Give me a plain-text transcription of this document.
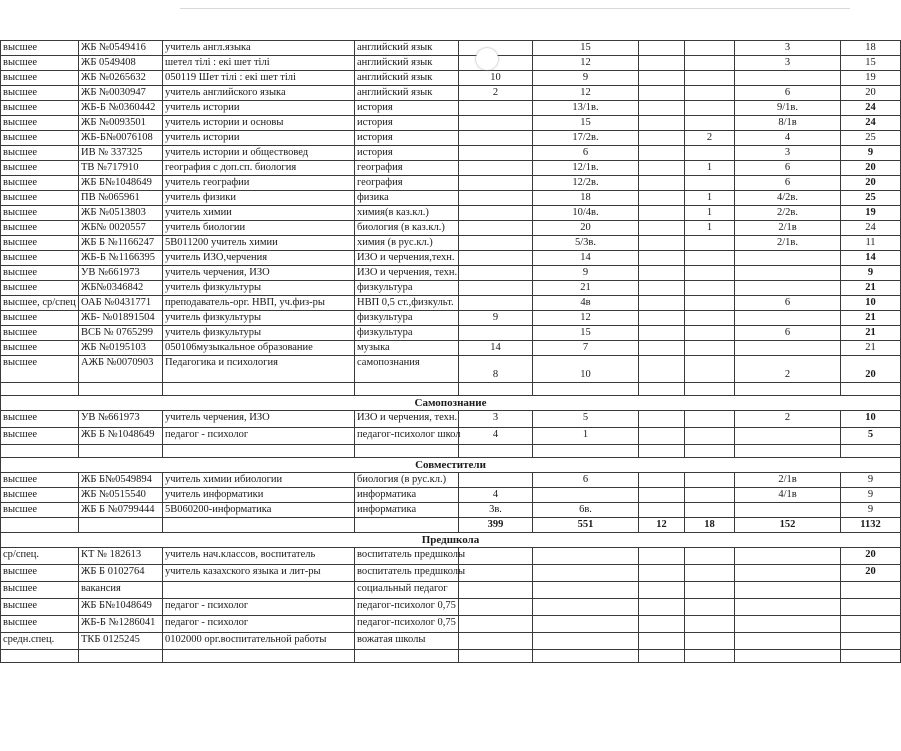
высшее	ЖБ №0549416	учитель англ.языка	английский язык		15			3	18
высшее	ЖБ 0549408	шетел тілі : екі шет тілі	английский язык		12			3	15
высшее	ЖБ №0265632	050119 Шет тілі : екі шет тілі	английский язык	10	9				19
высшее	ЖБ №0030947	учитель английского языка	английский язык	2	12			6	20
высшее	ЖБ-Б №0360442	учитель истории	история		13/1в.			9/1в.	24
высшее	ЖБ №0093501	учитель истории и основы	история		15			8/1в	24
высшее	ЖБ-Б№0076108	учитель истории	история		17/2в.		2	4	25
высшее	ИВ № 337325	учитель истории и обществовед	история		6			3	9
высшее	ТВ №717910	география с доп.сп. биология	география		12/1в.		1	6	20
высшее	ЖБ Б№1048649	учитель географии	география		12/2в.			6	20
высшее	ПВ №065961	учитель физики	физика		18		1	4/2в.	25
высшее	ЖБ №0513803	учитель химии	химия(в каз.кл.)		10/4в.		1	2/2в.	19
высшее	ЖБ№ 0020557	учитель биологии	биология (в каз.кл.)		20		1	2/1в	24
высшее	ЖБ Б №1166247	5В011200 учитель химии	химия (в рус.кл.)		5/3в.			2/1в.	11
высшее	ЖБ-Б №1166395	учитель ИЗО,черчения	ИЗО и черчения,техн.		14				14
высшее	УВ №661973	учитель черчения, ИЗО	ИЗО и черчения, техн.		9				9
высшее	ЖБ№0346842	учитель физкультуры	физкультура		21				21
высшее, ср/спец	ОАБ №0431771	преподаватель-орг. НВП, уч.физ-ры	НВП 0,5 ст.,физкульт.		4в			6	10
высшее	ЖБ- №01891504	учитель физкультуры	физкультура	9	12				21
высшее	ВСБ № 0765299	учитель физкультуры	физкультура		15			6	21
высшее	ЖБ №0195103	050106музыкальное образование	музыка	14	7				21
высшее	АЖБ №0070903	Педагогика и психология	самопознания	8	10			2	20

Самопознание									
высшее	УВ №661973	учитель черчения, ИЗО	ИЗО и черчения, техн.	3	5			2	10
высшее	ЖБ Б №1048649	педагог - психолог	педагог-психолог школ	4	1				5

Совместители									
высшее	ЖБ Б№0549894	учитель химии ибиологии	биология (в рус.кл.)		6			2/1в	9
высшее	ЖБ №0515540	учитель информатики	информатика	4				4/1в	9
высшее	ЖБ Б №0799444	5В060200-информатика	информатика	3в.	6в.				9
				399	551	12	18	152	1132
Предшкола									
ср/спец.	КТ № 182613	учитель нач.классов, воспитатель	воспитатель предшколы						20
высшее	ЖБ Б 0102764	учитель казахского языка и лит-ры	воспитатель предшколы						20
высшее	вакансия		социальный педагог						
высшее	ЖБ Б№1048649	педагог - психолог	педагог-психолог 0,75						
высшее	ЖБ-Б №1286041	педагог - психолог	педагог-психолог 0,75						
средн.спец.	ТКБ 0125245	0102000 орг.воспитательной работы	вожатая школы						
